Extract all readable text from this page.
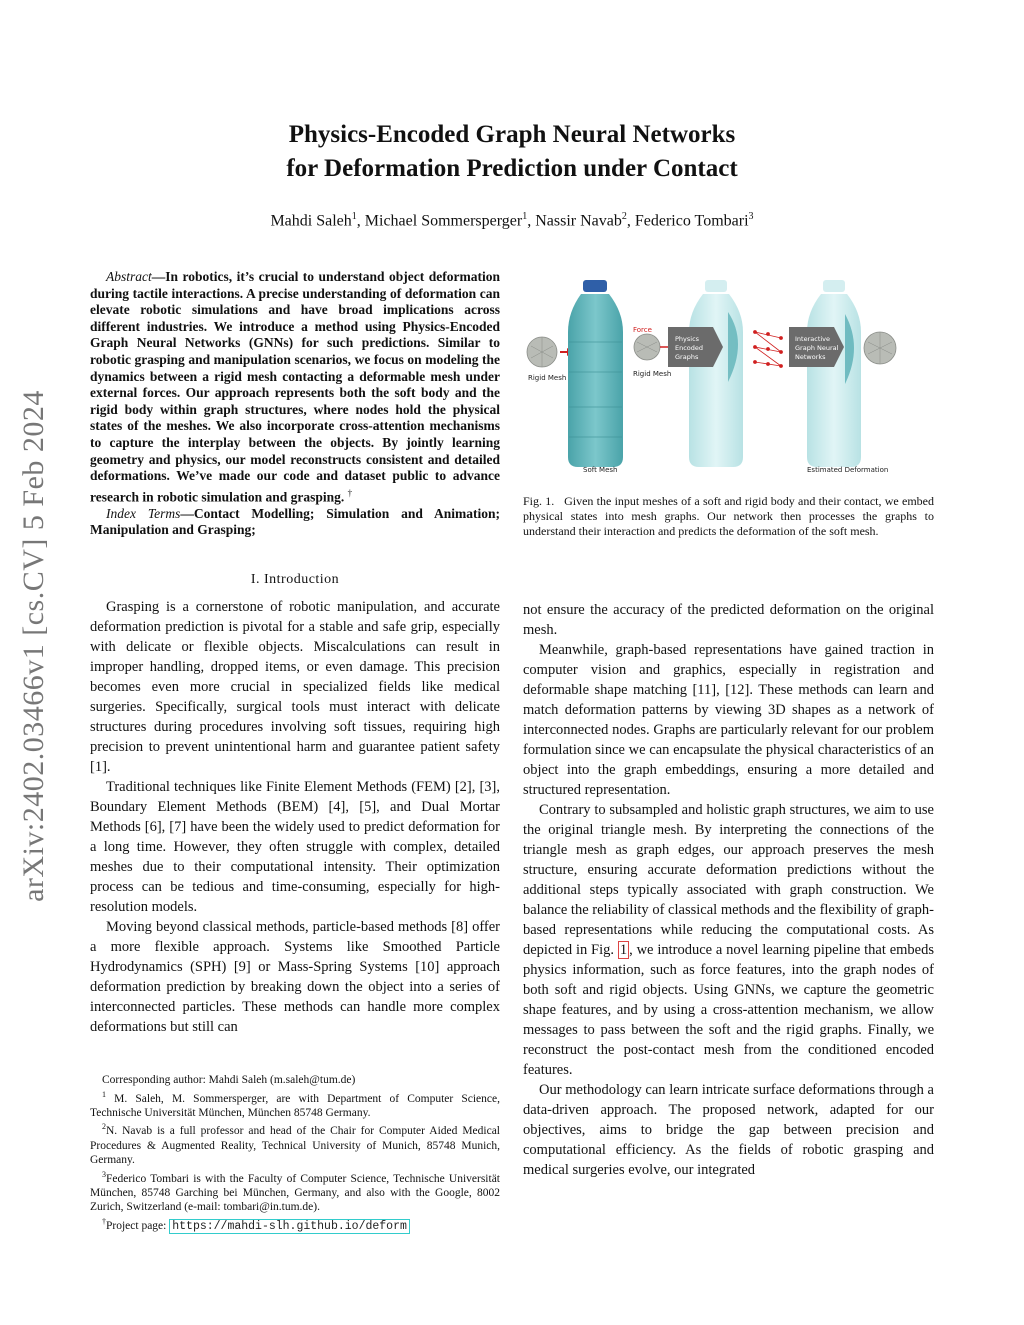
arXiv:2402.03466v1 [cs.CV] 5 Feb 2024
Physics-Encoded Graph Neural Networks
for Deformation Prediction under Contact
Mahdi Saleh$^1$, Michael Sommersperger$^1$, Nassir Navab$^2$, Federico Tombari$^3$

Abstract—In robotics, it’s crucial to understand object deformation during tactile interactions. A precise understanding of deformation can elevate robotic simulations and have broad implications across different industries. We introduce a method using Physics-Encoded Graph Neural Networks (GNNs) for such predictions. Similar to robotic grasping and manipulation scenarios, we focus on modeling the dynamics between a rigid mesh contacting a deformable mesh under external forces. Our approach represents both the soft body and the rigid body within graph structures, where nodes hold the physical states of the meshes. We also incorporate cross-attention mechanisms to capture the interplay between the objects. By jointly learning geometry and physics, our model reconstructs consistent and detailed deformations. We’ve made our code and dataset public to advance research in robotic simulation and grasping. †

Index Terms—Contact Modelling; Simulation and Animation; Manipulation and Grasping;

I. Introduction

Grasping is a cornerstone of robotic manipulation, and accurate deformation prediction is pivotal for a stable and safe grip, especially with delicate or flexible objects. Miscalculations can result in improper handling, dropped items, or even damage. This precision becomes even more crucial in specialized fields like medical surgeries. Specifically, surgical tools must interact with delicate structures during procedures involving soft tissues, requiring high precision to prevent unintentional harm and guarantee patient safety [1].

Traditional techniques like Finite Element Methods (FEM) [2], [3], Boundary Element Methods (BEM) [4], [5], and Dual Mortar Methods [6], [7] have been the widely used to predict deformation for a long time. However, they often struggle with complex, detailed meshes due to their computational intensity. Their optimization process can be tedious and time-consuming, especially for high-resolution models.

Moving beyond classical methods, particle-based methods [8] offer a more flexible approach. Systems like Smoothed Particle Hydrodynamics (SPH) [9] or Mass-Spring Systems [10] approach deformation prediction by breaking down the object into a series of interconnected particles. These methods can handle more complex deformations but still can

Corresponding author: Mahdi Saleh (m.saleh@tum.de)

$^1$ M. Saleh, M. Sommersperger, are with Department of Computer Science, Technische Universität München, München 85748 Germany.

$^2$N. Navab is a full professor and head of the Chair for Computer Aided Medical Procedures & Augmented Reality, Technical University of Munich, 85748 Munich, Germany.

$^3$Federico Tombari is with the Faculty of Computer Science, Technische Universität München, 85748 Garching bei München, Germany, and also with the Google, 8002 Zurich, Switzerland (e-mail: tombari@in.tum.de).

†Project page: https://mahdi-slh.github.io/deform

Rigid Mesh
Soft Mesh
Force
Rigid Mesh
Physics
Encoded
Graphs
Interactive
Graph Neural
Networks
Estimated Deformation
Fig. 1. Given the input meshes of a soft and rigid body and their contact, we embed physical states into mesh graphs. Our network then processes the graphs to understand their interaction and predicts the deformation of the soft mesh.

not ensure the accuracy of the predicted deformation on the original mesh.

Meanwhile, graph-based representations have gained traction in computer vision and graphics, especially in registration and deformable shape matching [11], [12]. These methods can learn and match deformation patterns by viewing 3D shapes as a network of interconnected nodes. Graphs are particularly relevant for our problem formulation since we can encapsulate the physical characteristics of an object into the graph embeddings, ensuring a more detailed and structured representation.

Contrary to subsampled and holistic graph structures, we aim to use the original triangle mesh. By interpreting the connections of the triangle mesh as graph edges, our approach preserves the mesh structure, ensuring accurate deformation predictions without the additional steps typically associated with graph construction. We balance the reliability of classical methods and the flexibility of graph-based representations while reducing the computational costs. As depicted in Fig. 1 , we introduce a novel learning pipeline that embeds physics information, such as force features, into the graph nodes of both soft and rigid objects. Using GNNs, we capture the geometric shape features, and by using a cross-attention mechanism, we allow messages to pass between the soft and the rigid graphs. Finally, we reconstruct the post-contact mesh from the conditioned encoded features.

Our methodology can learn intricate surface deformations through a data-driven approach. The proposed network, adapted for our objectives, aims to bridge the gap between precision and computational efficiency. As the fields of robotic grasping and medical surgeries evolve, our integrated
